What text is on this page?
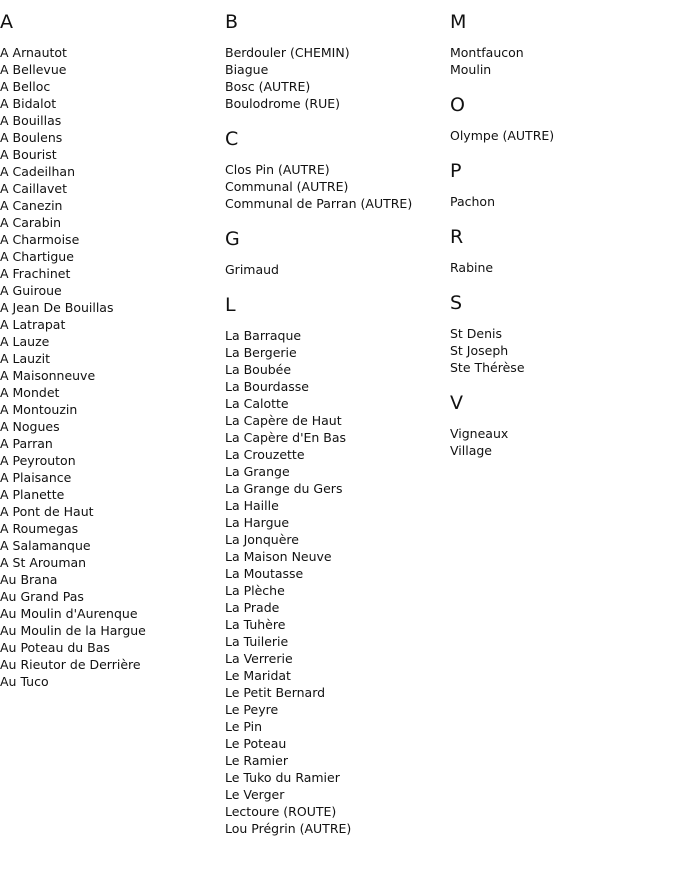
A
A Arnautot
A Bellevue
A Belloc
A Bidalot
A Bouillas
A Boulens
A Bourist
A Cadeilhan
A Caillavet
A Canezin
A Carabin
A Charmoise
A Chartigue
A Frachinet
A Guiroue
A Jean De Bouillas
A Latrapat
A Lauze
A Lauzit
A Maisonneuve
A Mondet
A Montouzin
A Nogues
A Parran
A Peyrouton
A Plaisance
A Planette
A Pont de Haut
A Roumegas
A Salamanque
A St Arouman
Au Brana
Au Grand Pas
Au Moulin d'Aurenque
Au Moulin de la Hargue
Au Poteau du Bas
Au Rieutor de Derrière
Au Tuco
B
Berdouler (CHEMIN)
Biague
Bosc (AUTRE)
Boulodrome (RUE)
C
Clos Pin (AUTRE)
Communal (AUTRE)
Communal de Parran (AUTRE)
G
Grimaud
L
La Barraque
La Bergerie
La Boubée
La Bourdasse
La Calotte
La Capère de Haut
La Capère d'En Bas
La Crouzette
La Grange
La Grange du Gers
La Haille
La Hargue
La Jonquère
La Maison Neuve
La Moutasse
La Plèche
La Prade
La Tuhère
La Tuilerie
La Verrerie
Le Maridat
Le Petit Bernard
Le Peyre
Le Pin
Le Poteau
Le Ramier
Le Tuko du Ramier
Le Verger
Lectoure (ROUTE)
Lou Prégrin (AUTRE)
M
Montfaucon
Moulin
O
Olympe (AUTRE)
P
Pachon
R
Rabine
S
St Denis
St Joseph
Ste Thérèse
V
Vigneaux
Village
